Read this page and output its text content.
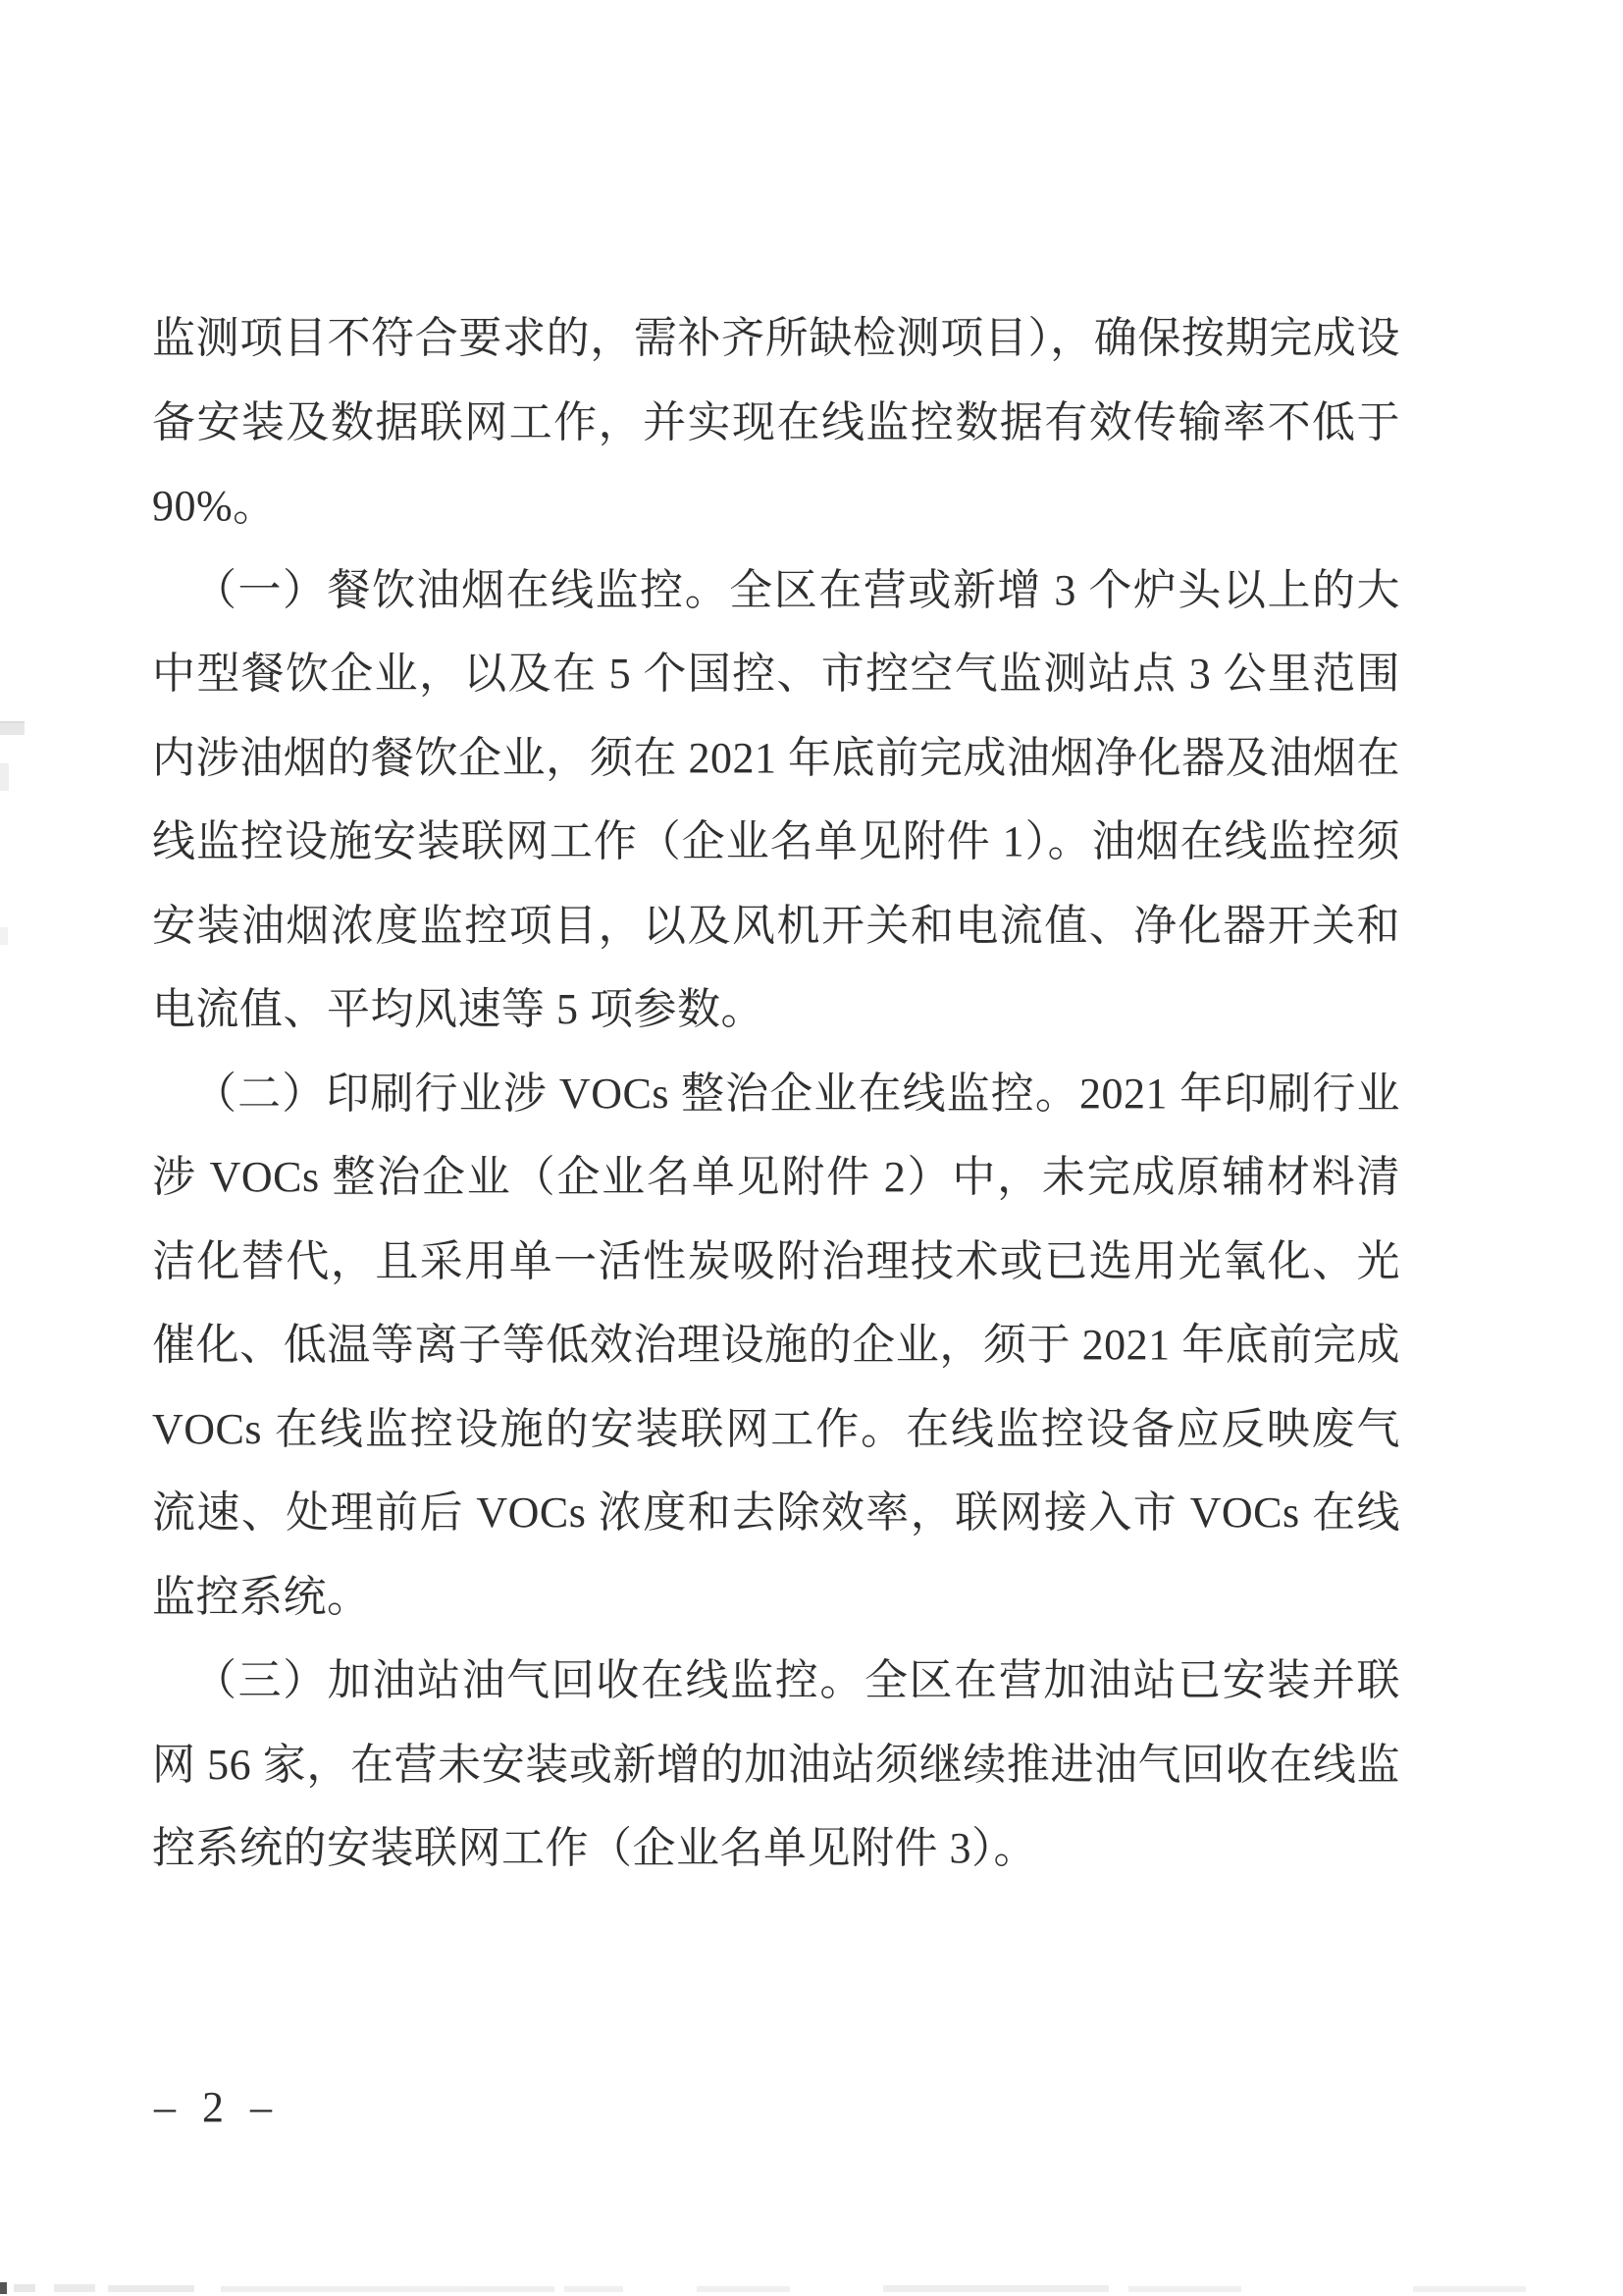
监测项目不符合要求的，需补齐所缺检测项目），确保按期完成设备安装及数据联网工作，并实现在线监控数据有效传输率不低于 90%。

（一）餐饮油烟在线监控。全区在营或新增 3 个炉头以上的大中型餐饮企业，以及在 5 个国控、市控空气监测站点 3 公里范围内涉油烟的餐饮企业，须在 2021 年底前完成油烟净化器及油烟在线监控设施安装联网工作（企业名单见附件 1）。油烟在线监控须安装油烟浓度监控项目，以及风机开关和电流值、净化器开关和电流值、平均风速等 5 项参数。

（二）印刷行业涉 VOCs 整治企业在线监控。2021 年印刷行业涉 VOCs 整治企业（企业名单见附件 2）中，未完成原辅材料清洁化替代，且采用单一活性炭吸附治理技术或已选用光氧化、光催化、低温等离子等低效治理设施的企业，须于 2021 年底前完成 VOCs 在线监控设施的安装联网工作。在线监控设备应反映废气流速、处理前后 VOCs 浓度和去除效率，联网接入市 VOCs 在线监控系统。

（三）加油站油气回收在线监控。全区在营加油站已安装并联网 56 家，在营未安装或新增的加油站须继续推进油气回收在线监控系统的安装联网工作（企业名单见附件 3）。

– 2 –
